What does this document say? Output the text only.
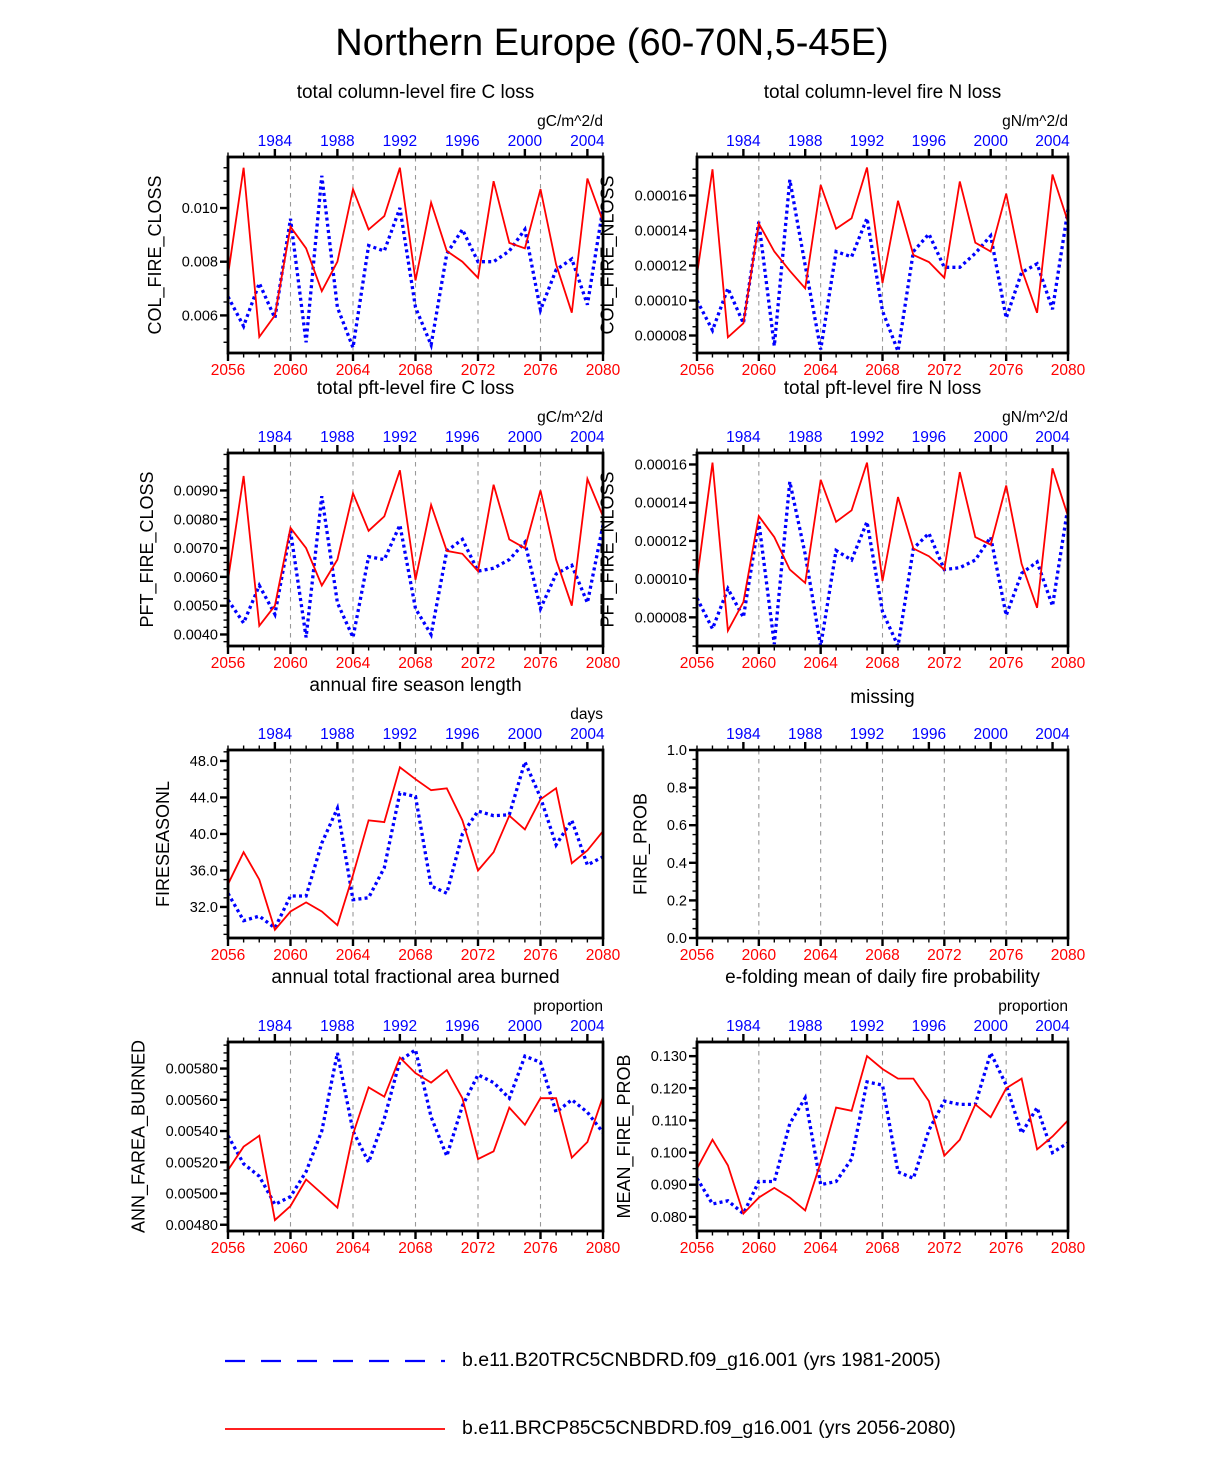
Northern Europe (60-70N,5-45E)
total column-level fire C loss
gC/m^2/d
2056 2060 2064 2068 2072 2076 2080
1984 1988 1992 1996 2000 2004
0.006
0.008
0.010
COL_FIRE_CLOSS
total column-level fire N loss
gN/m^2/d
2056 2060 2064 2068 2072 2076 2080
1984 1988 1992 1996 2000 2004
0.00008
0.00010
0.00012
0.00014
0.00016
COL_FIRE_NLOSS
total pft-level fire C loss
gC/m^2/d
2056 2060 2064 2068 2072 2076 2080
1984 1988 1992 1996 2000 2004
0.0040
0.0050
0.0060
0.0070
0.0080
0.0090
PFT_FIRE_CLOSS
total pft-level fire N loss
gN/m^2/d
2056 2060 2064 2068 2072 2076 2080
1984 1988 1992 1996 2000 2004
0.00008
0.00010
0.00012
0.00014
0.00016
PFT_FIRE_NLOSS
annual fire season length
days
2056 2060 2064 2068 2072 2076 2080
1984 1988 1992 1996 2000 2004
32.0
36.0
40.0
44.0
48.0
FIRESEASONL
missing
2056 2060 2064 2068 2072 2076 2080
1984 1988 1992 1996 2000 2004
0.0
0.2
0.4
0.6
0.8
1.0
FIRE_PROB
annual total fractional area burned
proportion
2056 2060 2064 2068 2072 2076 2080
1984 1988 1992 1996 2000 2004
0.00480
0.00500
0.00520
0.00540
0.00560
0.00580
ANN_FAREA_BURNED
e-folding mean of daily fire probability
proportion
2056 2060 2064 2068 2072 2076 2080
1984 1988 1992 1996 2000 2004
0.080
0.090
0.100
0.110
0.120
0.130
MEAN_FIRE_PROB
b.e11.B20TRC5CNBDRD.f09_g16.001 (yrs 1981-2005)
b.e11.BRCP85C5CNBDRD.f09_g16.001 (yrs 2056-2080)
